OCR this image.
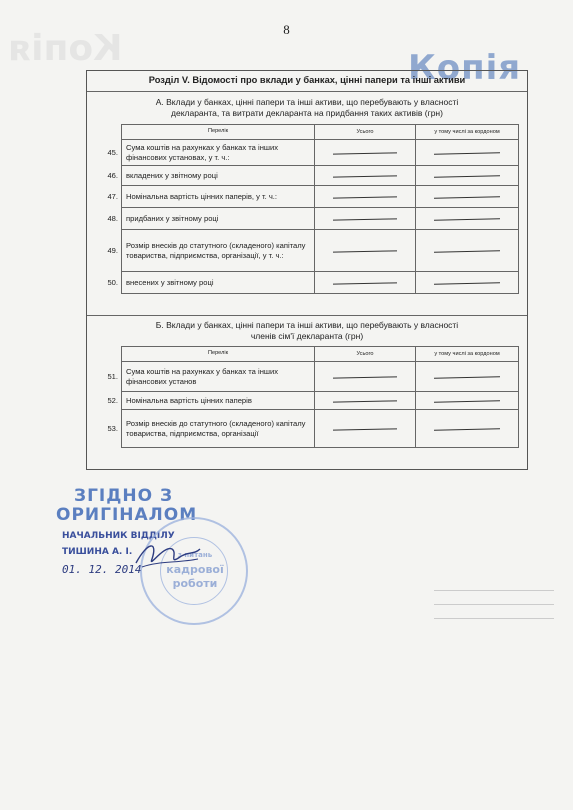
Копія	8
Копія
Розділ V. Відомості про вклади у банках, цінні папери та інші активи
А. Вклади у банках, цінні папери та інші активи, що перебувають у власності
декларанта, та витрати декларанта на придбання таких активів (грн)
	Перелік	Усього	у тому числі за кордоном
45.	Сума коштів на рахунках у банках та інших фінансових установах, у т. ч.:	

46.	вкладених у звітному році	

47.	Номінальна вартість цінних паперів, у т. ч.:	

48.	придбаних у звітному році	

49.	Розмір внесків до статутного (складеного) капіталу товариства, підприємства, організації, у т. ч.:	

50.	внесених у звітному році	

Б. Вклади у банках, цінні папери та інші активи, що перебувають у власності
членів сім'ї декларанта (грн)
	Перелік	Усього	у тому числі за кордоном
51.	Сума коштів на рахунках у банках та інших фінансових установ	

52.	Номінальна вартість цінних паперів	

53.	Розмір внесків до статутного (складеного) капіталу товариства, підприємства, організації	

ЗГІДНО З
ОРИГІНАЛОМ
НАЧАЛЬНИК ВІДДІЛУ
ТИШИНА А. І.	з питань
кадрової
роботи
01. 12. 2014
